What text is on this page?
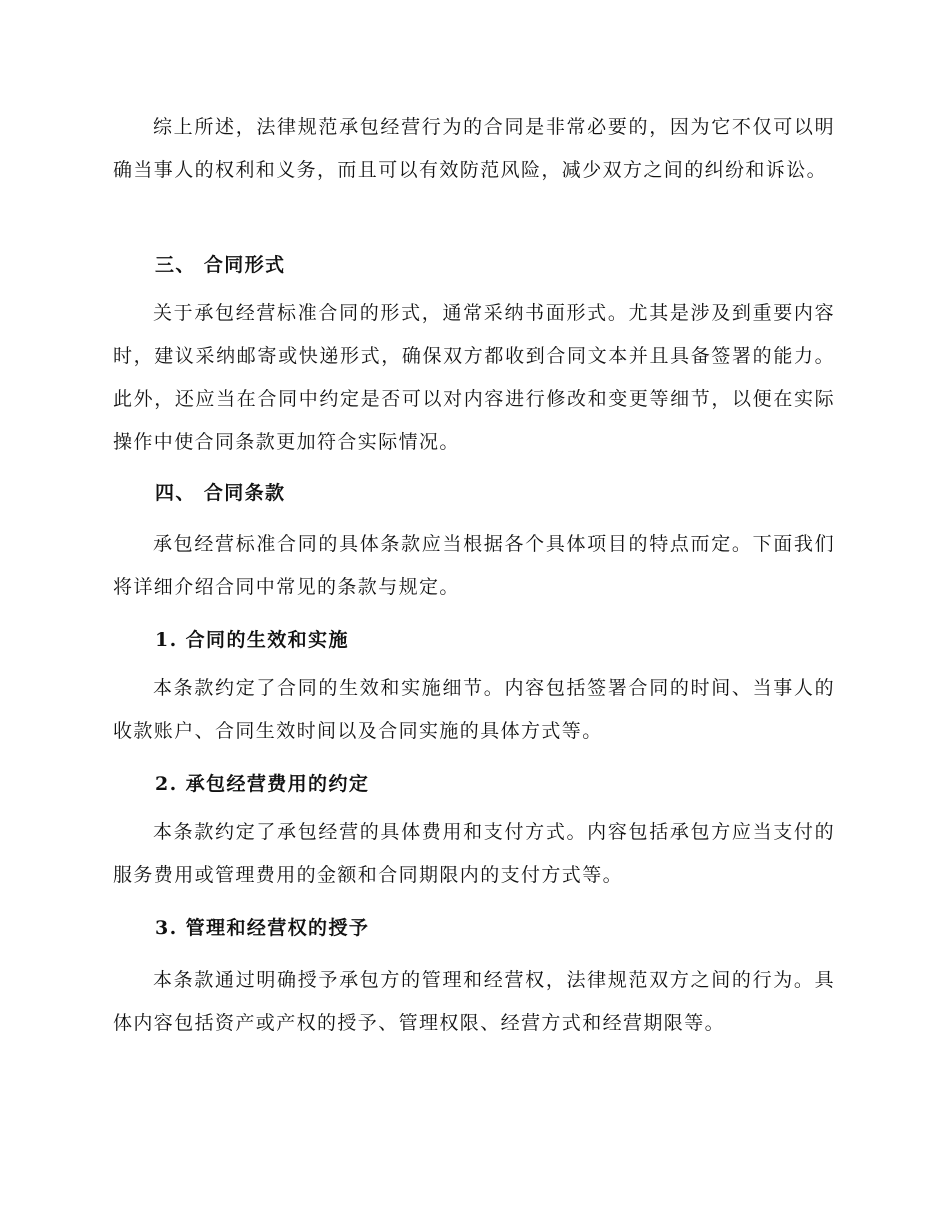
综上所述，法律规范承包经营行为的合同是非常必要的，因为它不仅可以明确当事人的权利和义务，而且可以有效防范风险，减少双方之间的纠纷和诉讼。

三、 合同形式

关于承包经营标准合同的形式，通常采纳书面形式。尤其是涉及到重要内容时，建议采纳邮寄或快递形式，确保双方都收到合同文本并且具备签署的能力。此外，还应当在合同中约定是否可以对内容进行修改和变更等细节，以便在实际操作中使合同条款更加符合实际情况。

四、 合同条款

承包经营标准合同的具体条款应当根据各个具体项目的特点而定。下面我们将详细介绍合同中常见的条款与规定。

1. 合同的生效和实施

本条款约定了合同的生效和实施细节。内容包括签署合同的时间、当事人的收款账户、合同生效时间以及合同实施的具体方式等。

2. 承包经营费用的约定

本条款约定了承包经营的具体费用和支付方式。内容包括承包方应当支付的服务费用或管理费用的金额和合同期限内的支付方式等。

3. 管理和经营权的授予

本条款通过明确授予承包方的管理和经营权，法律规范双方之间的行为。具体内容包括资产或产权的授予、管理权限、经营方式和经营期限等。
